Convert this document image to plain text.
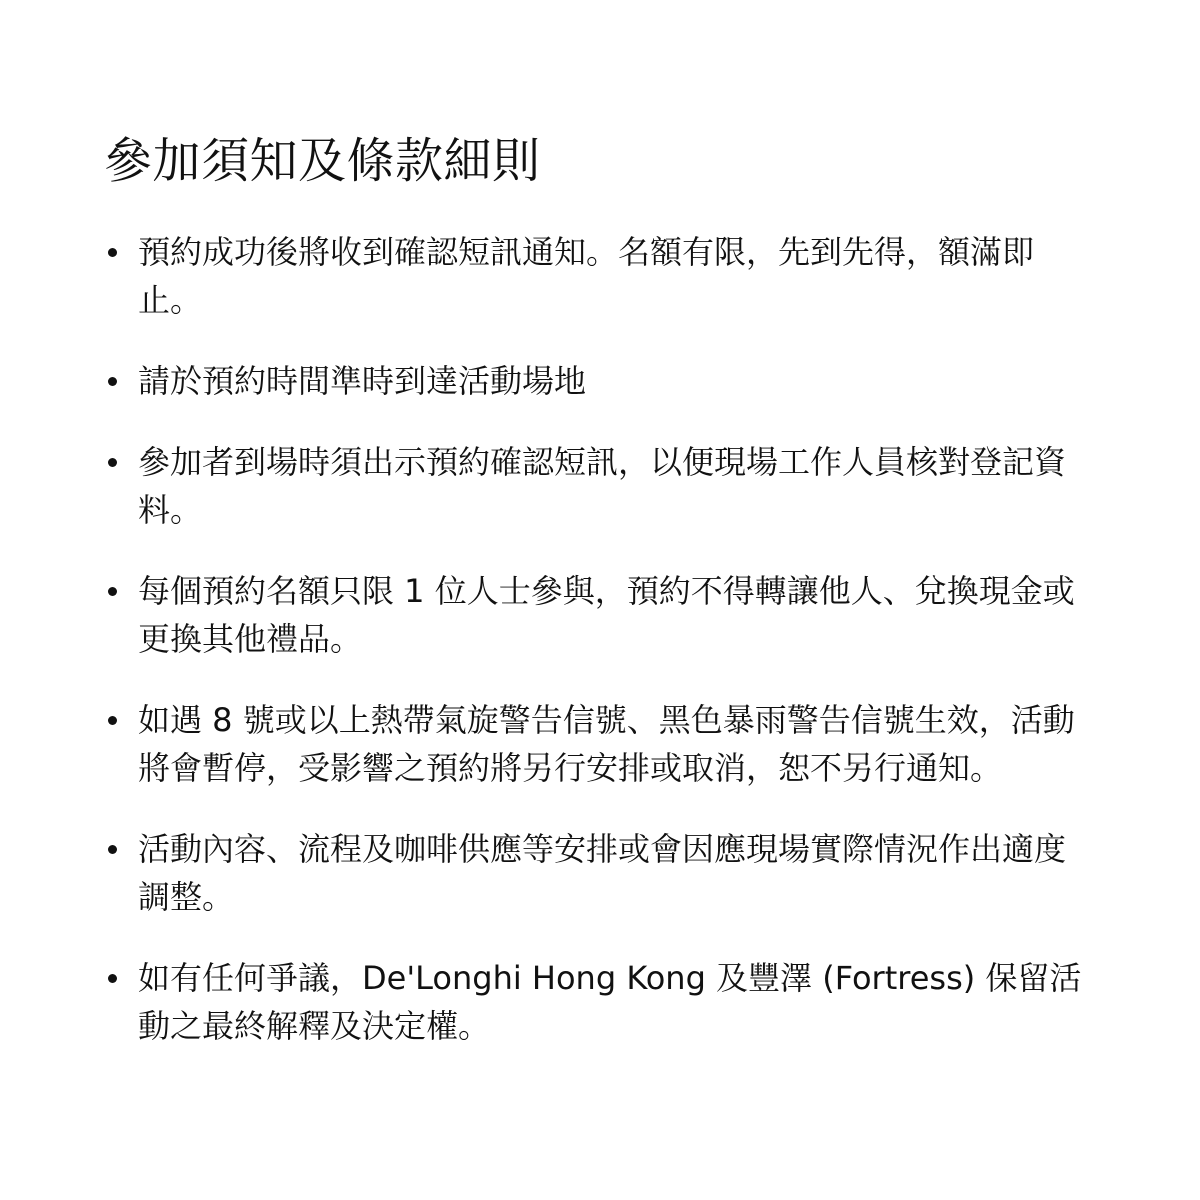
參加須知及條款細則
預約成功後將收到確認短訊通知。名額有限，先到先得，額滿即止。
請於預約時間準時到達活動場地
參加者到場時須出示預約確認短訊，以便現場工作人員核對登記資料。
每個預約名額只限 1 位人士參與，預約不得轉讓他人、兌換現金或更換其他禮品。
如遇 8 號或以上熱帶氣旋警告信號、黑色暴雨警告信號生效，活動將會暫停，受影響之預約將另行安排或取消，恕不另行通知。
活動內容、流程及咖啡供應等安排或會因應現場實際情況作出適度調整。
如有任何爭議，De'Longhi Hong Kong 及豐澤 (Fortress) 保留活動之最終解釋及決定權。
